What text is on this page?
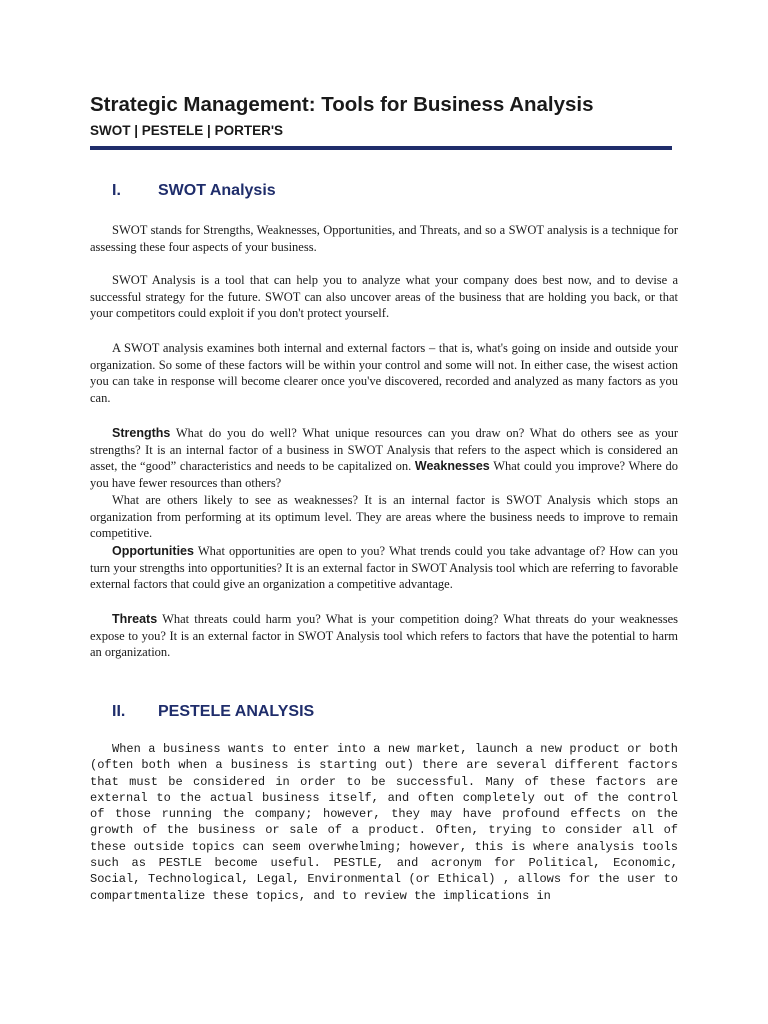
Strategic Management: Tools for Business Analysis
SWOT | PESTELE | PORTER'S
I. SWOT Analysis

SWOT stands for Strengths, Weaknesses, Opportunities, and Threats, and so a SWOT analysis is a technique for assessing these four aspects of your business.

SWOT Analysis is a tool that can help you to analyze what your company does best now, and to devise a successful strategy for the future. SWOT can also uncover areas of the business that are holding you back, or that your competitors could exploit if you don't protect yourself.

A SWOT analysis examines both internal and external factors – that is, what's going on inside and outside your organization. So some of these factors will be within your control and some will not. In either case, the wisest action you can take in response will become clearer once you've discovered, recorded and analyzed as many factors as you can.

Strengths What do you do well? What unique resources can you draw on? What do others see as your strengths? It is an internal factor of a business in SWOT Analysis that refers to the aspect which is considered an asset, the “good” characteristics and needs to be capitalized on. Weaknesses What could you improve? Where do you have fewer resources than others?

What are others likely to see as weaknesses? It is an internal factor is SWOT Analysis which stops an organization from performing at its optimum level. They are areas where the business needs to improve to remain competitive.

Opportunities What opportunities are open to you? What trends could you take advantage of? How can you turn your strengths into opportunities? It is an external factor in SWOT Analysis tool which are referring to favorable external factors that could give an organization a competitive advantage.

Threats What threats could harm you? What is your competition doing? What threats do your weaknesses expose to you? It is an external factor in SWOT Analysis tool which refers to factors that have the potential to harm an organization.

II. PESTELE ANALYSIS

When a business wants to enter into a new market, launch a new product or both (often both when a business is starting out) there are several different factors that must be considered in order to be successful. Many of these factors are external to the actual business itself, and often completely out of the control of those running the company; however, they may have profound effects on the growth of the business or sale of a product. Often, trying to consider all of these outside topics can seem overwhelming; however, this is where analysis tools such as PESTLE become useful. PESTLE, and acronym for Political, Economic, Social, Technological, Legal, Environmental (or Ethical) , allows for the user to compartmentalize these topics, and to review the implications in
